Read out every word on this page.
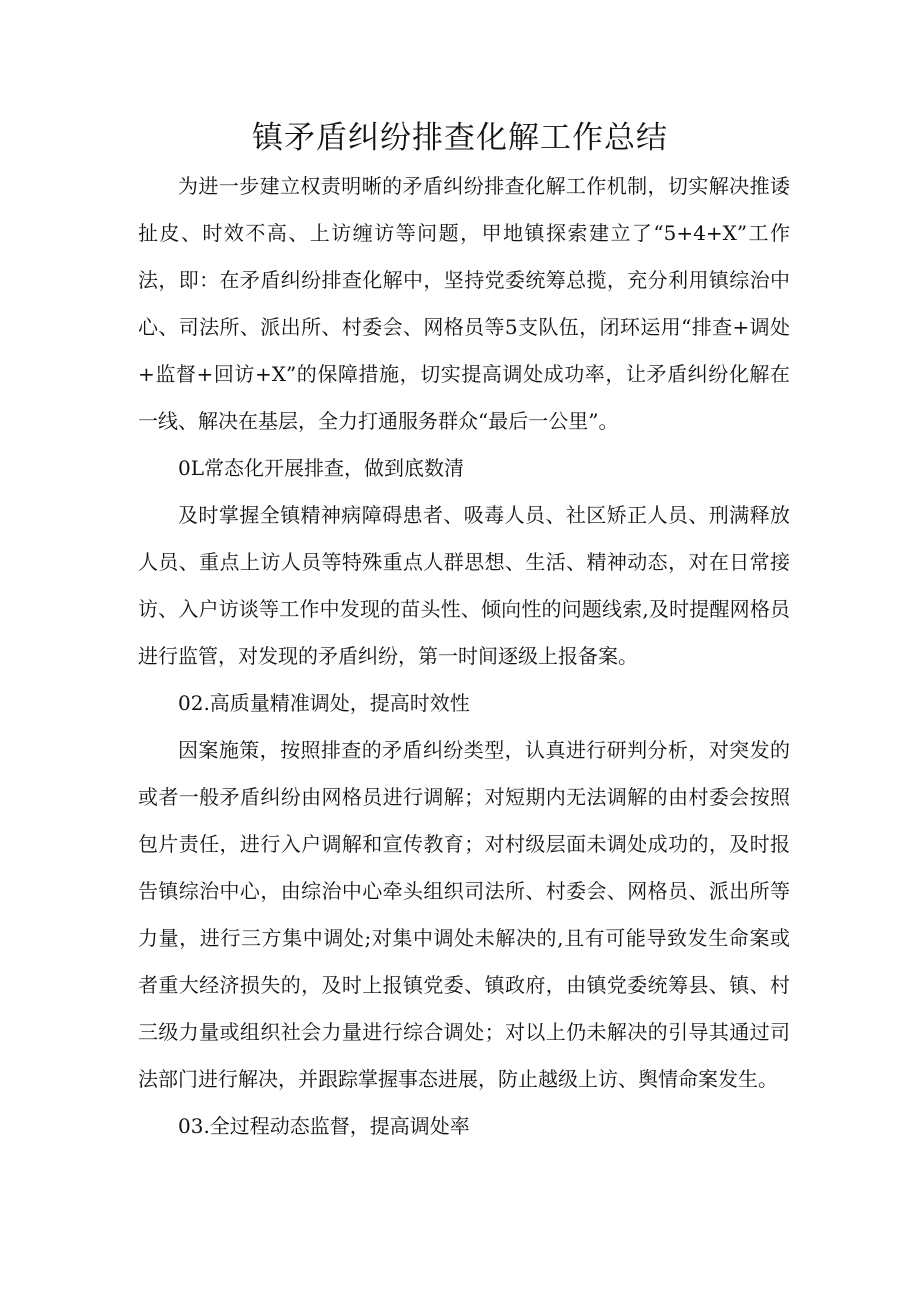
镇矛盾纠纷排查化解工作总结

为进一步建立权责明晰的矛盾纠纷排查化解工作机制，切实解决推诿扯皮、时效不高、上访缠访等问题，甲地镇探索建立了“5+4+X”工作法，即：在矛盾纠纷排查化解中，坚持党委统筹总揽，充分利用镇综治中心、司法所、派出所、村委会、网格员等5支队伍，闭环运用“排查+调处+监督+回访+X”的保障措施，切实提高调处成功率，让矛盾纠纷化解在一线、解决在基层，全力打通服务群众“最后一公里”。

0L常态化开展排查，做到底数清

及时掌握全镇精神病障碍患者、吸毒人员、社区矫正人员、刑满释放人员、重点上访人员等特殊重点人群思想、生活、精神动态，对在日常接访、入户访谈等工作中发现的苗头性、倾向性的问题线索,及时提醒网格员进行监管，对发现的矛盾纠纷，第一时间逐级上报备案。

02.高质量精准调处，提高时效性

因案施策，按照排查的矛盾纠纷类型，认真进行研判分析，对突发的或者一般矛盾纠纷由网格员进行调解；对短期内无法调解的由村委会按照包片责任，进行入户调解和宣传教育；对村级层面未调处成功的，及时报告镇综治中心，由综治中心牵头组织司法所、村委会、网格员、派出所等力量，进行三方集中调处;对集中调处未解决的,且有可能导致发生命案或者重大经济损失的，及时上报镇党委、镇政府，由镇党委统筹县、镇、村三级力量或组织社会力量进行综合调处；对以上仍未解决的引导其通过司法部门进行解决，并跟踪掌握事态进展，防止越级上访、舆情命案发生。

03.全过程动态监督，提高调处率
